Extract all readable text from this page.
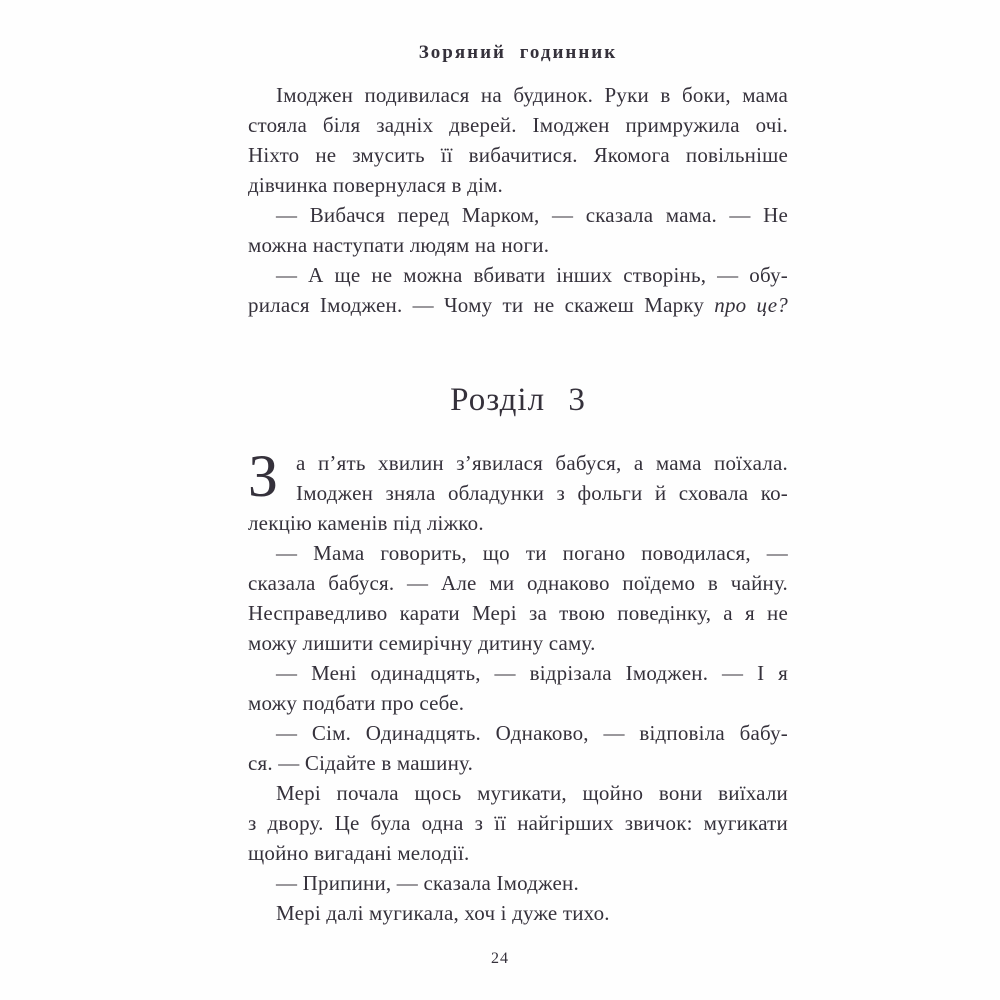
Зоряний годинник
Імоджен подивилася на будинок. Руки в боки, мама
стояла біля задніх дверей. Імоджен примружила очі.
Ніхто не змусить її вибачитися. Якомога повільніше
дівчинка повернулася в дім.
— Вибачся перед Марком, — сказала мама. — Не
можна наступати людям на ноги.
— А ще не можна вбивати інших створінь, — обу-
рилася Імоджен. — Чому ти не скажеш Марку про це?
Розділ 3
З а п’ять хвилин з’явилася бабуся, а мама поїхала.
Імоджен зняла обладунки з фольги й сховала ко-
лекцію каменів під ліжко.
— Мама говорить, що ти погано поводилася, —
сказала бабуся. — Але ми однаково поїдемо в чайну.
Несправедливо карати Мері за твою поведінку, а я не
можу лишити семирічну дитину саму.
— Мені одинадцять, — відрізала Імоджен. — І я
можу подбати про себе.
— Сім. Одинадцять. Однаково, — відповіла бабу-
ся. — Сідайте в машину.
Мері почала щось мугикати, щойно вони виїхали
з двору. Це була одна з її найгірших звичок: мугикати
щойно вигадані мелодії.
— Припини, — сказала Імоджен.
Мері далі мугикала, хоч і дуже тихо.
24
